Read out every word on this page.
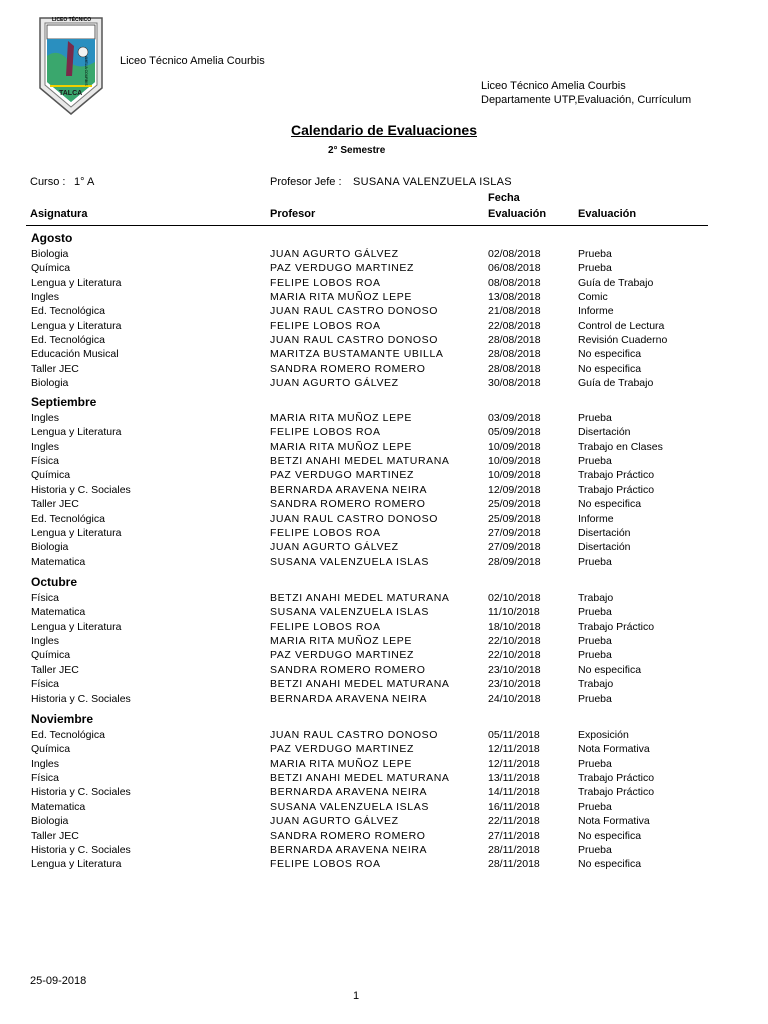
LICEO TÉCNICO
TALCA
AMELIA COURBIS	Liceo Técnico Amelia Courbis
Liceo Técnico Amelia Courbis
Departamente UTP,Evaluación, Currículum
Calendario de Evaluaciones
2° Semestre
Curso : 1° A	Profesor Jefe : SUSANA VALENZUELA ISLAS
Asignatura	Profesor
Fecha
Evaluación	Evaluación
Agosto
Biologia	JUAN AGURTO GÁLVEZ	02/08/2018	Prueba
Química	PAZ VERDUGO MARTINEZ	06/08/2018	Prueba
Lengua y Literatura	FELIPE LOBOS ROA	08/08/2018	Guía de Trabajo
Ingles	MARIA RITA MUÑOZ LEPE	13/08/2018	Comic
Ed. Tecnológica	JUAN RAUL CASTRO DONOSO	21/08/2018	Informe
Lengua y Literatura	FELIPE LOBOS ROA	22/08/2018	Control de Lectura
Ed. Tecnológica	JUAN RAUL CASTRO DONOSO	28/08/2018	Revisión Cuaderno
Educación Musical	MARITZA BUSTAMANTE UBILLA	28/08/2018	No especifica
Taller JEC	SANDRA ROMERO ROMERO	28/08/2018	No especifica
Biologia	JUAN AGURTO GÁLVEZ	30/08/2018	Guía de Trabajo
Septiembre
Ingles	MARIA RITA MUÑOZ LEPE	03/09/2018	Prueba
Lengua y Literatura	FELIPE LOBOS ROA	05/09/2018	Disertación
Ingles	MARIA RITA MUÑOZ LEPE	10/09/2018	Trabajo en Clases
Física	BETZI ANAHI MEDEL MATURANA	10/09/2018	Prueba
Química	PAZ VERDUGO MARTINEZ	10/09/2018	Trabajo Práctico
Historia y C. Sociales	BERNARDA ARAVENA NEIRA	12/09/2018	Trabajo Práctico
Taller JEC	SANDRA ROMERO ROMERO	25/09/2018	No especifica
Ed. Tecnológica	JUAN RAUL CASTRO DONOSO	25/09/2018	Informe
Lengua y Literatura	FELIPE LOBOS ROA	27/09/2018	Disertación
Biologia	JUAN AGURTO GÁLVEZ	27/09/2018	Disertación
Matematica	SUSANA VALENZUELA ISLAS	28/09/2018	Prueba
Octubre
Física	BETZI ANAHI MEDEL MATURANA	02/10/2018	Trabajo
Matematica	SUSANA VALENZUELA ISLAS	11/10/2018	Prueba
Lengua y Literatura	FELIPE LOBOS ROA	18/10/2018	Trabajo Práctico
Ingles	MARIA RITA MUÑOZ LEPE	22/10/2018	Prueba
Química	PAZ VERDUGO MARTINEZ	22/10/2018	Prueba
Taller JEC	SANDRA ROMERO ROMERO	23/10/2018	No especifica
Física	BETZI ANAHI MEDEL MATURANA	23/10/2018	Trabajo
Historia y C. Sociales	BERNARDA ARAVENA NEIRA	24/10/2018	Prueba
Noviembre
Ed. Tecnológica	JUAN RAUL CASTRO DONOSO	05/11/2018	Exposición
Química	PAZ VERDUGO MARTINEZ	12/11/2018	Nota Formativa
Ingles	MARIA RITA MUÑOZ LEPE	12/11/2018	Prueba
Física	BETZI ANAHI MEDEL MATURANA	13/11/2018	Trabajo Práctico
Historia y C. Sociales	BERNARDA ARAVENA NEIRA	14/11/2018	Trabajo Práctico
Matematica	SUSANA VALENZUELA ISLAS	16/11/2018	Prueba
Biologia	JUAN AGURTO GÁLVEZ	22/11/2018	Nota Formativa
Taller JEC	SANDRA ROMERO ROMERO	27/11/2018	No especifica
Historia y C. Sociales	BERNARDA ARAVENA NEIRA	28/11/2018	Prueba
Lengua y Literatura	FELIPE LOBOS ROA	28/11/2018	No especifica
25-09-2018
1
